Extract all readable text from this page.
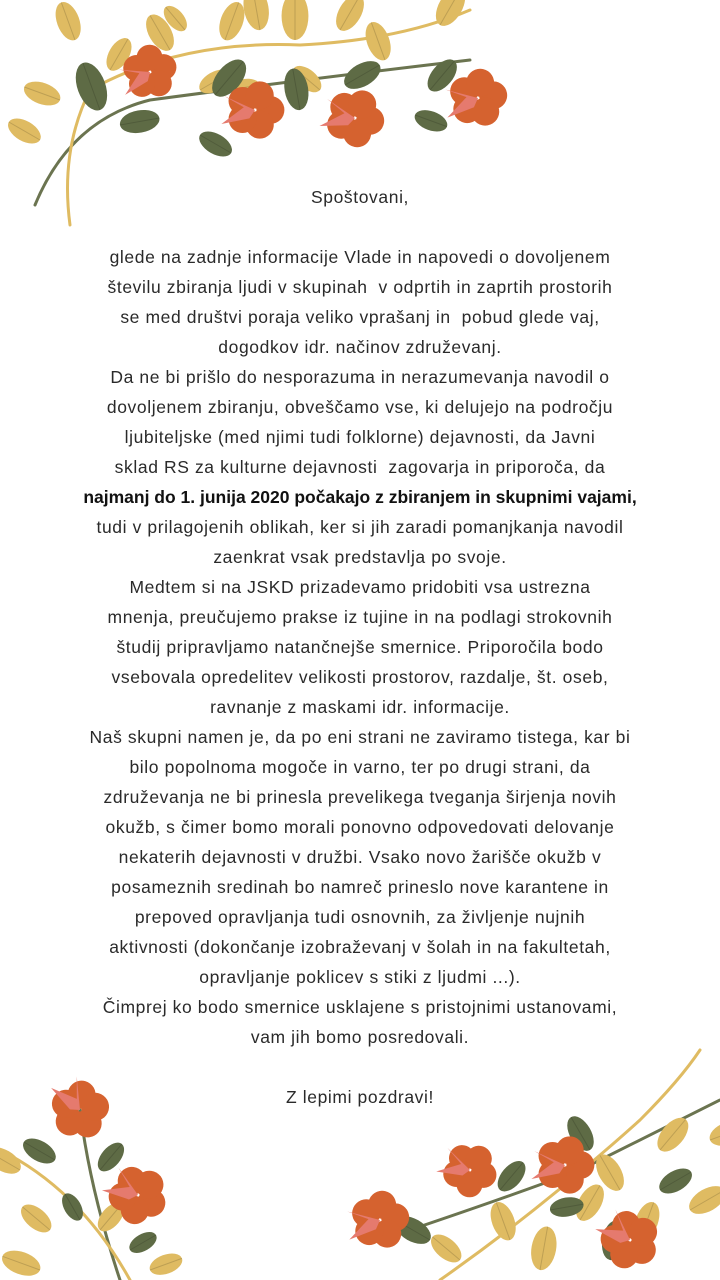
Spoštovani,
glede na zadnje informacije Vlade in napovedi o dovoljenem
številu zbiranja ljudi v skupinah  v odprtih in zaprtih prostorih
se med društvi poraja veliko vprašanj in  pobud glede vaj,
dogodkov idr. načinov združevanj.
Da ne bi prišlo do nesporazuma in nerazumevanja navodil o
dovoljenem zbiranju, obveščamo vse, ki delujejo na področju
ljubiteljske (med njimi tudi folklorne) dejavnosti, da Javni
sklad RS za kulturne dejavnosti  zagovarja in priporoča, da
najmanj do 1. junija 2020 počakajo z zbiranjem in skupnimi vajami,
tudi v prilagojenih oblikah, ker si jih zaradi pomanjkanja navodil
zaenkrat vsak predstavlja po svoje.
Medtem si na JSKD prizadevamo pridobiti vsa ustrezna
mnenja, preučujemo prakse iz tujine in na podlagi strokovnih
študij pripravljamo natančnejše smernice. Priporočila bodo
vsebovala opredelitev velikosti prostorov, razdalje, št. oseb,
ravnanje z maskami idr. informacije.
Naš skupni namen je, da po eni strani ne zaviramo tistega, kar bi
bilo popolnoma mogoče in varno, ter po drugi strani, da
združevanja ne bi prinesla prevelikega tveganja širjenja novih
okužb, s čimer bomo morali ponovno odpovedovati delovanje
nekaterih dejavnosti v družbi. Vsako novo žarišče okužb v
posameznih sredinah bo namreč prineslo nove karantene in
prepoved opravljanja tudi osnovnih, za življenje nujnih
aktivnosti (dokončanje izobraževanj v šolah in na fakultetah,
opravljanje poklicev s stiki z ljudmi ...).
Čimprej ko bodo smernice usklajene s pristojnimi ustanovami,
vam jih bomo posredovali.
Z lepimi pozdravi!
